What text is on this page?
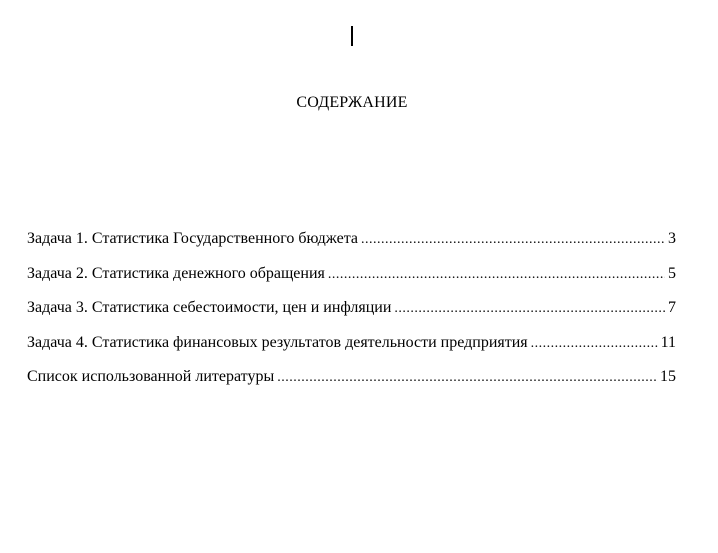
СОДЕРЖАНИЕ
Задача 1. Статистика Государственного бюджета .....	3
Задача 2. Статистика денежного обращения .....	5
Задача 3. Статистика себестоимости, цен и инфляции .....	7
Задача 4. Статистика финансовых результатов деятельности предприятия .....	11
Список использованной литературы .....	15
